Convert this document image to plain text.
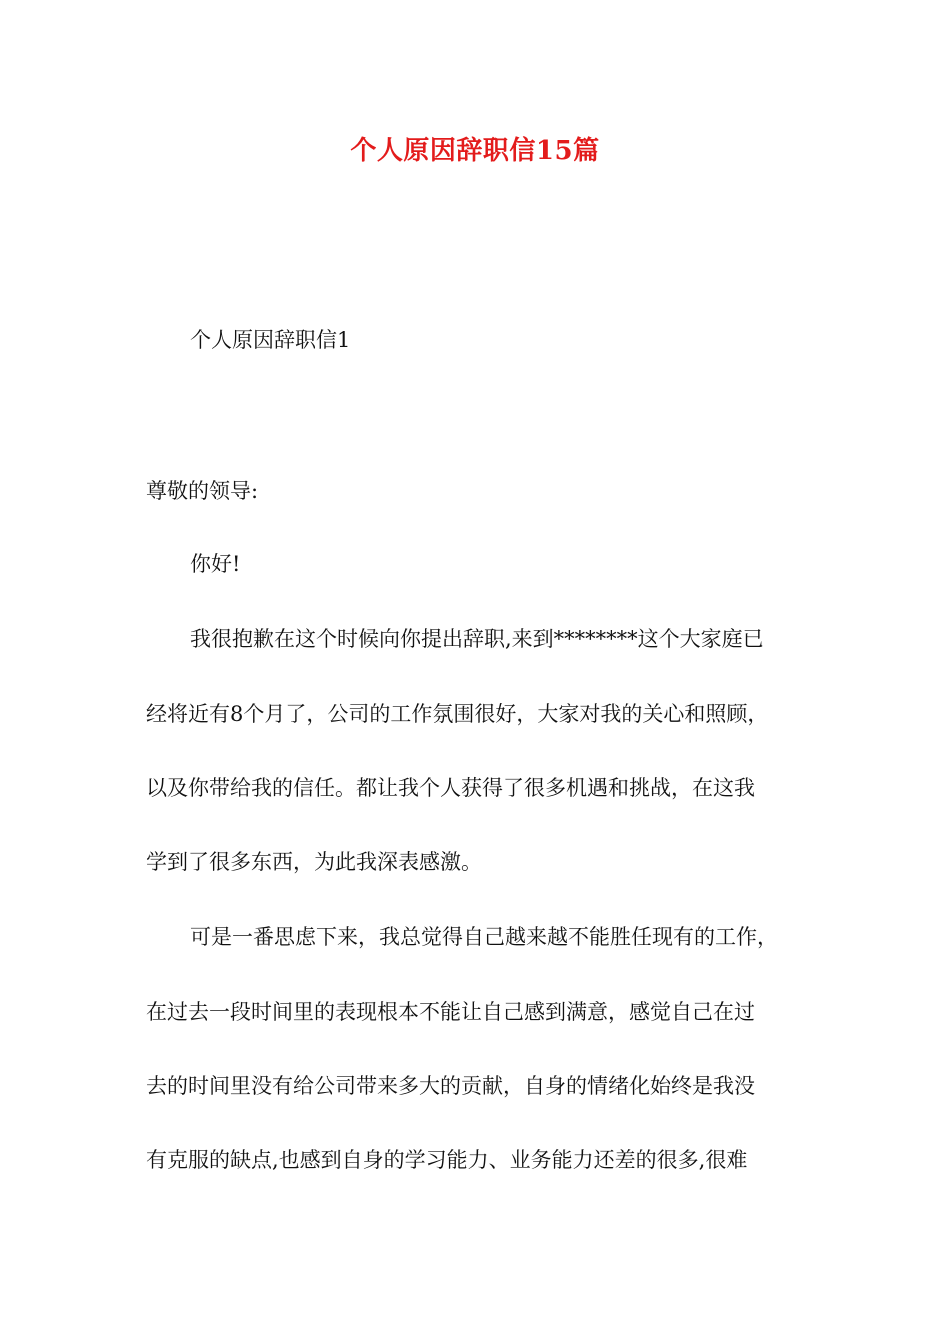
个人原因辞职信15篇
个人原因辞职信1
尊敬的领导:
你好!
我很抱歉在这个时候向你提出辞职,来到********这个大家庭已
经将近有8个月了，公司的工作氛围很好，大家对我的关心和照顾，
以及你带给我的信任。都让我个人获得了很多机遇和挑战，在这我
学到了很多东西，为此我深表感激。
可是一番思虑下来，我总觉得自己越来越不能胜任现有的工作，
在过去一段时间里的表现根本不能让自己感到满意，感觉自己在过
去的时间里没有给公司带来多大的贡献，自身的情绪化始终是我没
有克服的缺点,也感到自身的学习能力、业务能力还差的很多,很难
